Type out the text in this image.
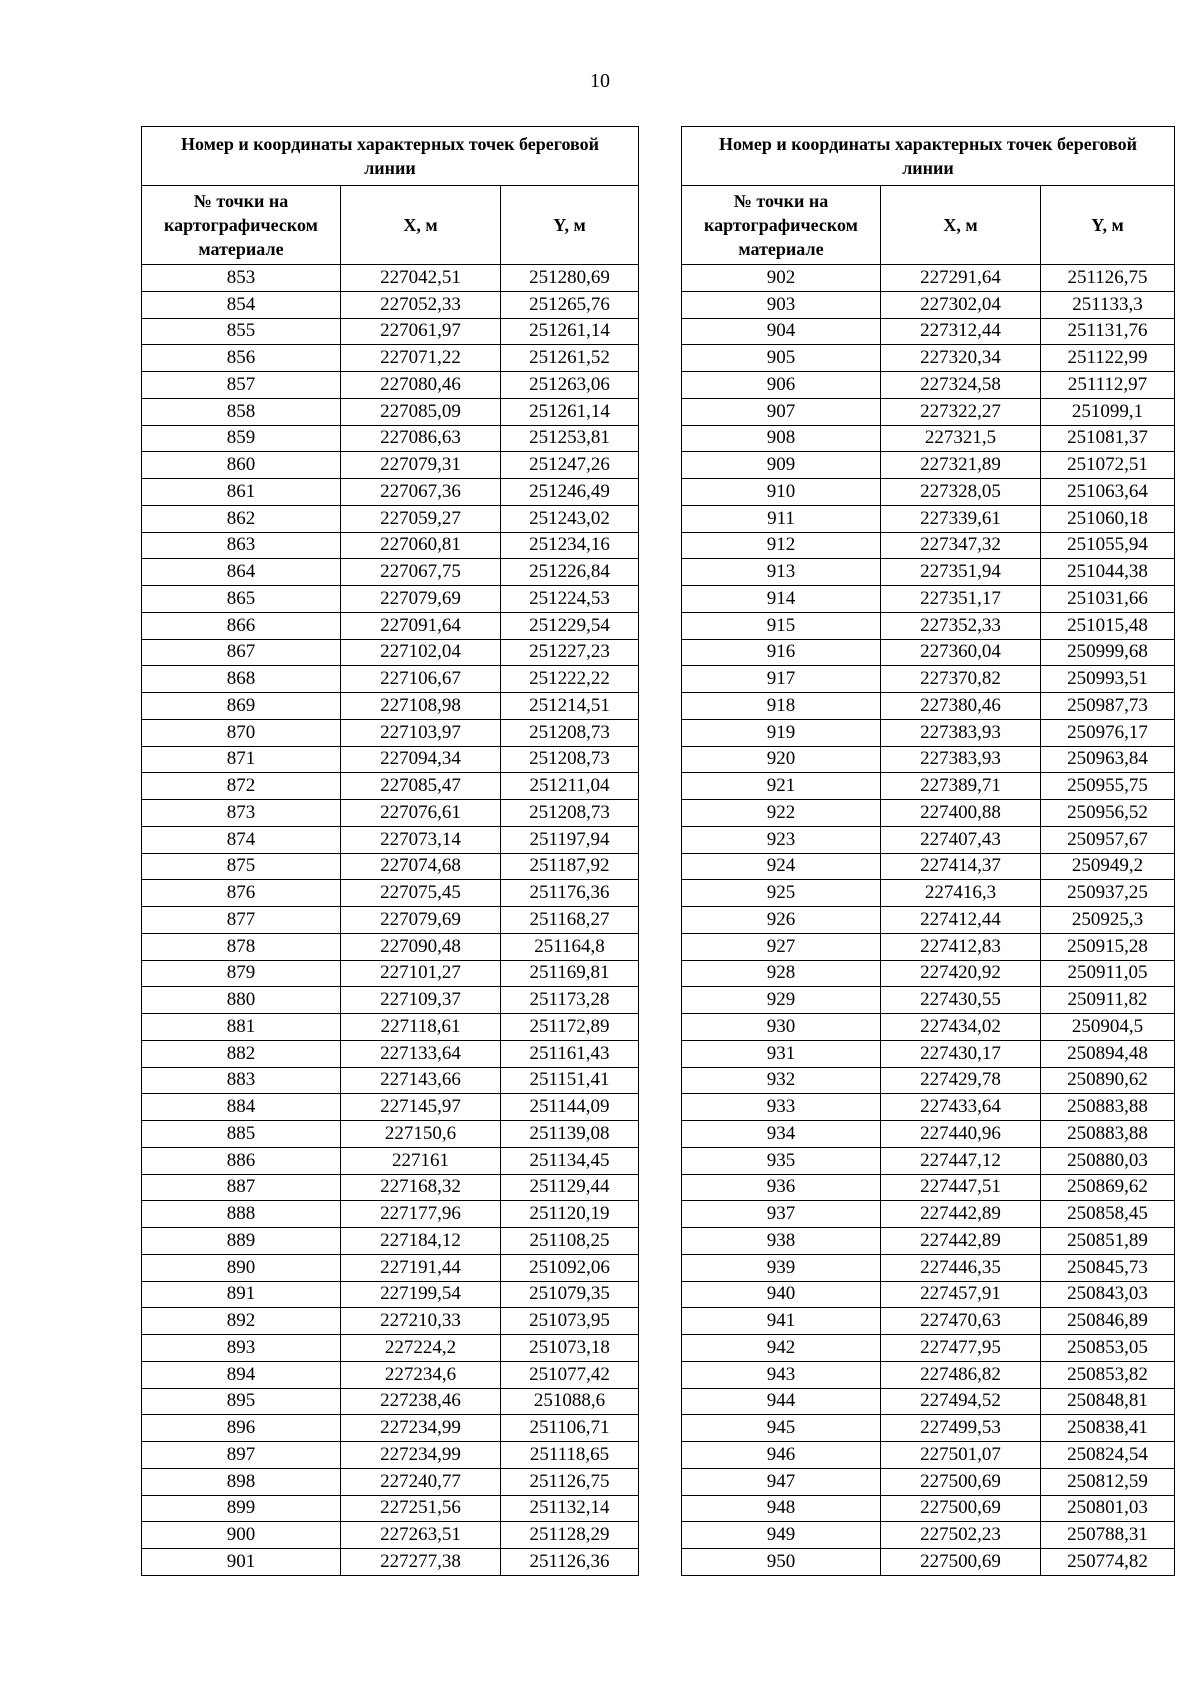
10
Номер и координаты характерных точек береговой линии		
№ точки на картографическом материале	X, м	Y, м
853	227042,51	251280,69
854	227052,33	251265,76
855	227061,97	251261,14
856	227071,22	251261,52
857	227080,46	251263,06
858	227085,09	251261,14
859	227086,63	251253,81
860	227079,31	251247,26
861	227067,36	251246,49
862	227059,27	251243,02
863	227060,81	251234,16
864	227067,75	251226,84
865	227079,69	251224,53
866	227091,64	251229,54
867	227102,04	251227,23
868	227106,67	251222,22
869	227108,98	251214,51
870	227103,97	251208,73
871	227094,34	251208,73
872	227085,47	251211,04
873	227076,61	251208,73
874	227073,14	251197,94
875	227074,68	251187,92
876	227075,45	251176,36
877	227079,69	251168,27
878	227090,48	251164,8
879	227101,27	251169,81
880	227109,37	251173,28
881	227118,61	251172,89
882	227133,64	251161,43
883	227143,66	251151,41
884	227145,97	251144,09
885	227150,6	251139,08
886	227161	251134,45
887	227168,32	251129,44
888	227177,96	251120,19
889	227184,12	251108,25
890	227191,44	251092,06
891	227199,54	251079,35
892	227210,33	251073,95
893	227224,2	251073,18
894	227234,6	251077,42
895	227238,46	251088,6
896	227234,99	251106,71
897	227234,99	251118,65
898	227240,77	251126,75
899	227251,56	251132,14
900	227263,51	251128,29
901	227277,38	251126,36
Номер и координаты характерных точек береговой линии		
№ точки на картографическом материале	X, м	Y, м
902	227291,64	251126,75
903	227302,04	251133,3
904	227312,44	251131,76
905	227320,34	251122,99
906	227324,58	251112,97
907	227322,27	251099,1
908	227321,5	251081,37
909	227321,89	251072,51
910	227328,05	251063,64
911	227339,61	251060,18
912	227347,32	251055,94
913	227351,94	251044,38
914	227351,17	251031,66
915	227352,33	251015,48
916	227360,04	250999,68
917	227370,82	250993,51
918	227380,46	250987,73
919	227383,93	250976,17
920	227383,93	250963,84
921	227389,71	250955,75
922	227400,88	250956,52
923	227407,43	250957,67
924	227414,37	250949,2
925	227416,3	250937,25
926	227412,44	250925,3
927	227412,83	250915,28
928	227420,92	250911,05
929	227430,55	250911,82
930	227434,02	250904,5
931	227430,17	250894,48
932	227429,78	250890,62
933	227433,64	250883,88
934	227440,96	250883,88
935	227447,12	250880,03
936	227447,51	250869,62
937	227442,89	250858,45
938	227442,89	250851,89
939	227446,35	250845,73
940	227457,91	250843,03
941	227470,63	250846,89
942	227477,95	250853,05
943	227486,82	250853,82
944	227494,52	250848,81
945	227499,53	250838,41
946	227501,07	250824,54
947	227500,69	250812,59
948	227500,69	250801,03
949	227502,23	250788,31
950	227500,69	250774,82
